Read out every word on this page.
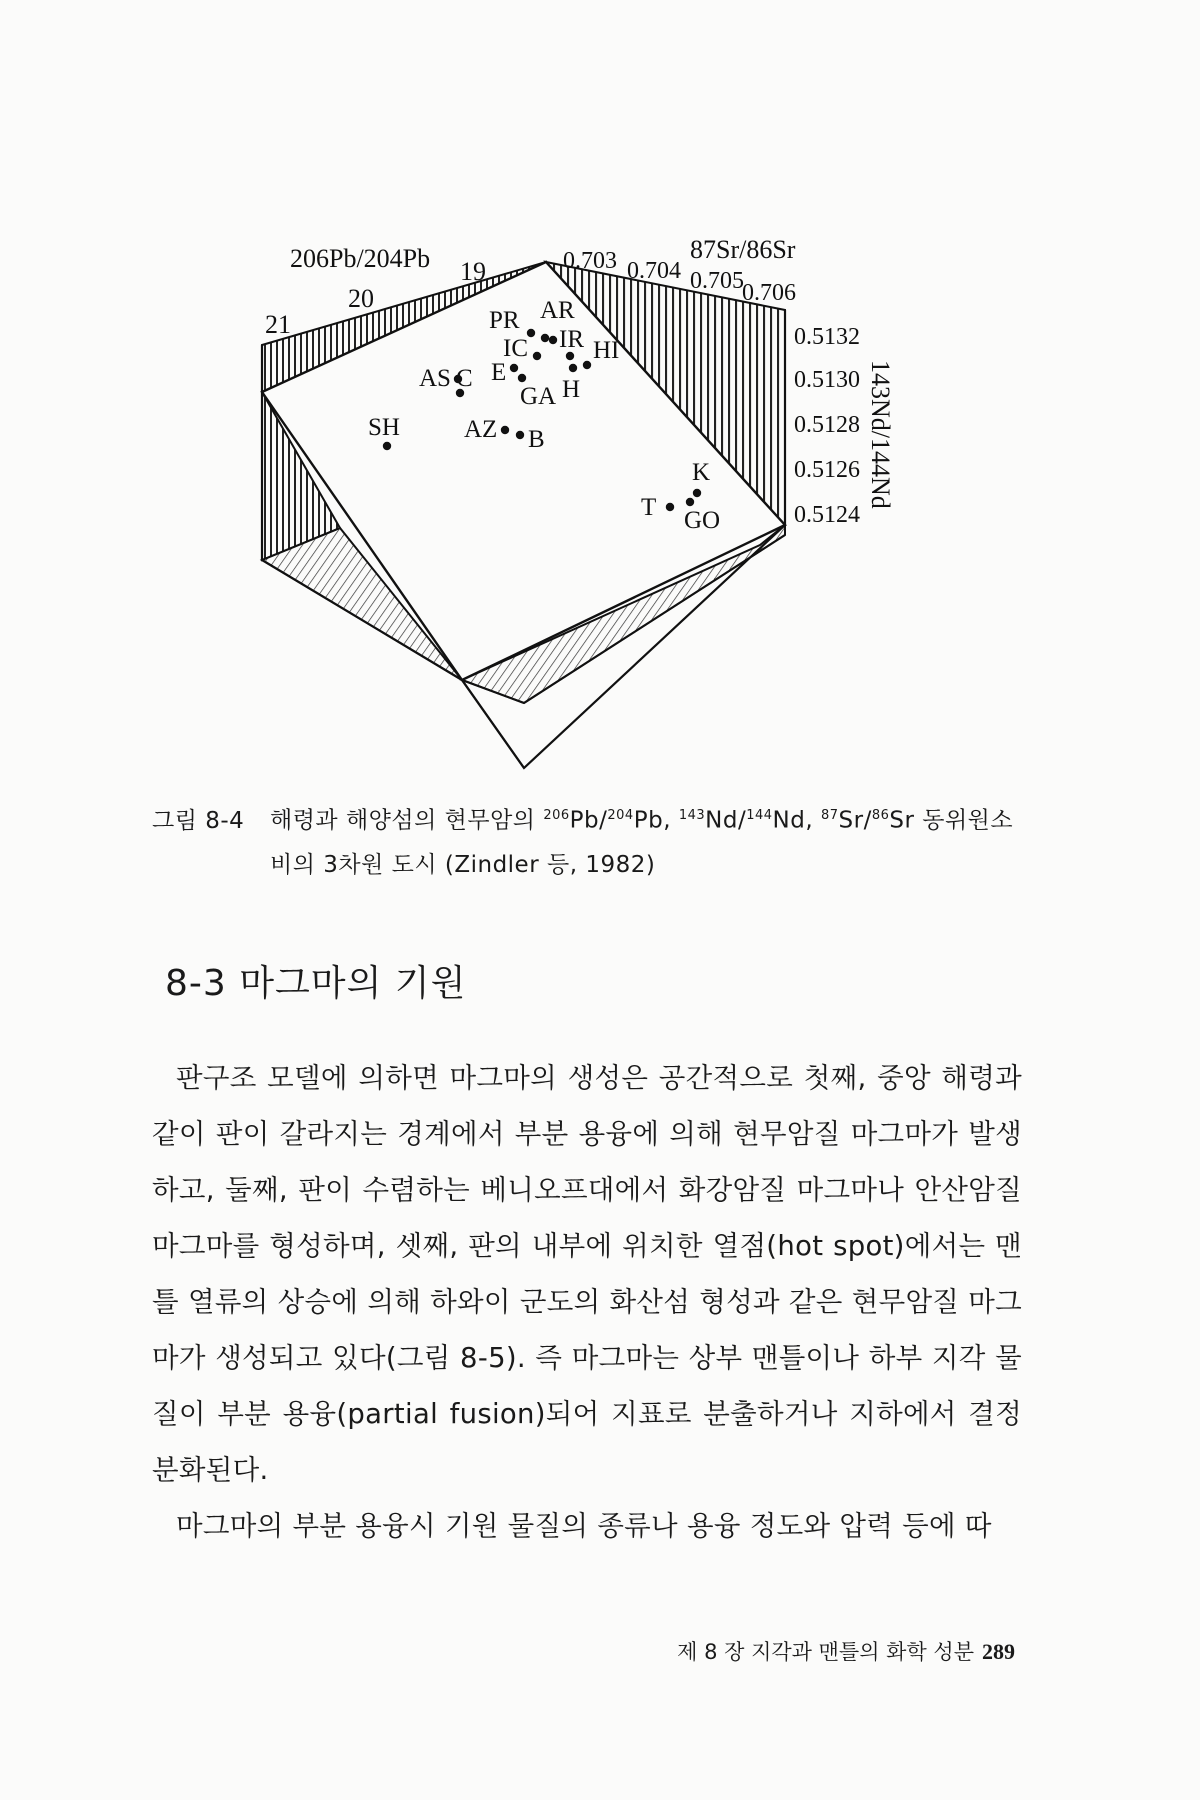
206Pb/204Pb
21
20
19
87Sr/86Sr
0.703 0.704 0.705
0.706
0.5132
0.5130
0.5128
0.5126
0.5124
143Nd/144Nd
PR AR
IC IR HI
AS C E
GA H
SH	AZ B
K
T GO
그림 8-4 해령과 해양섬의 현무암의 $^{206}$Pb/$^{204}$Pb, $^{143}$Nd/$^{144}$Nd, $^{87}$Sr/$^{86}$Sr 동위원소
비의 3차원 도시 (Zindler 등, 1982)
8-3 마그마의 기원

판구조 모델에 의하면 마그마의 생성은 공간적으로 첫째, 중앙 해령과 같이 판이 갈라지는 경계에서 부분 용융에 의해 현무암질 마그마가 발생하고, 둘째, 판이 수렴하는 베니오프대에서 화강암질 마그마나 안산암질 마그마를 형성하며, 셋째, 판의 내부에 위치한 열점(hot spot)에서는 맨틀 열류의 상승에 의해 하와이 군도의 화산섬 형성과 같은 현무암질 마그마가 생성되고 있다(그림 8-5). 즉 마그마는 상부 맨틀이나 하부 지각 물질이 부분 용융(partial fusion)되어 지표로 분출하거나 지하에서 결정 분화된다.

마그마의 부분 용융시 기원 물질의 종류나 용융 정도와 압력 등에 따

제 8 장 지각과 맨틀의 화학 성분 289
